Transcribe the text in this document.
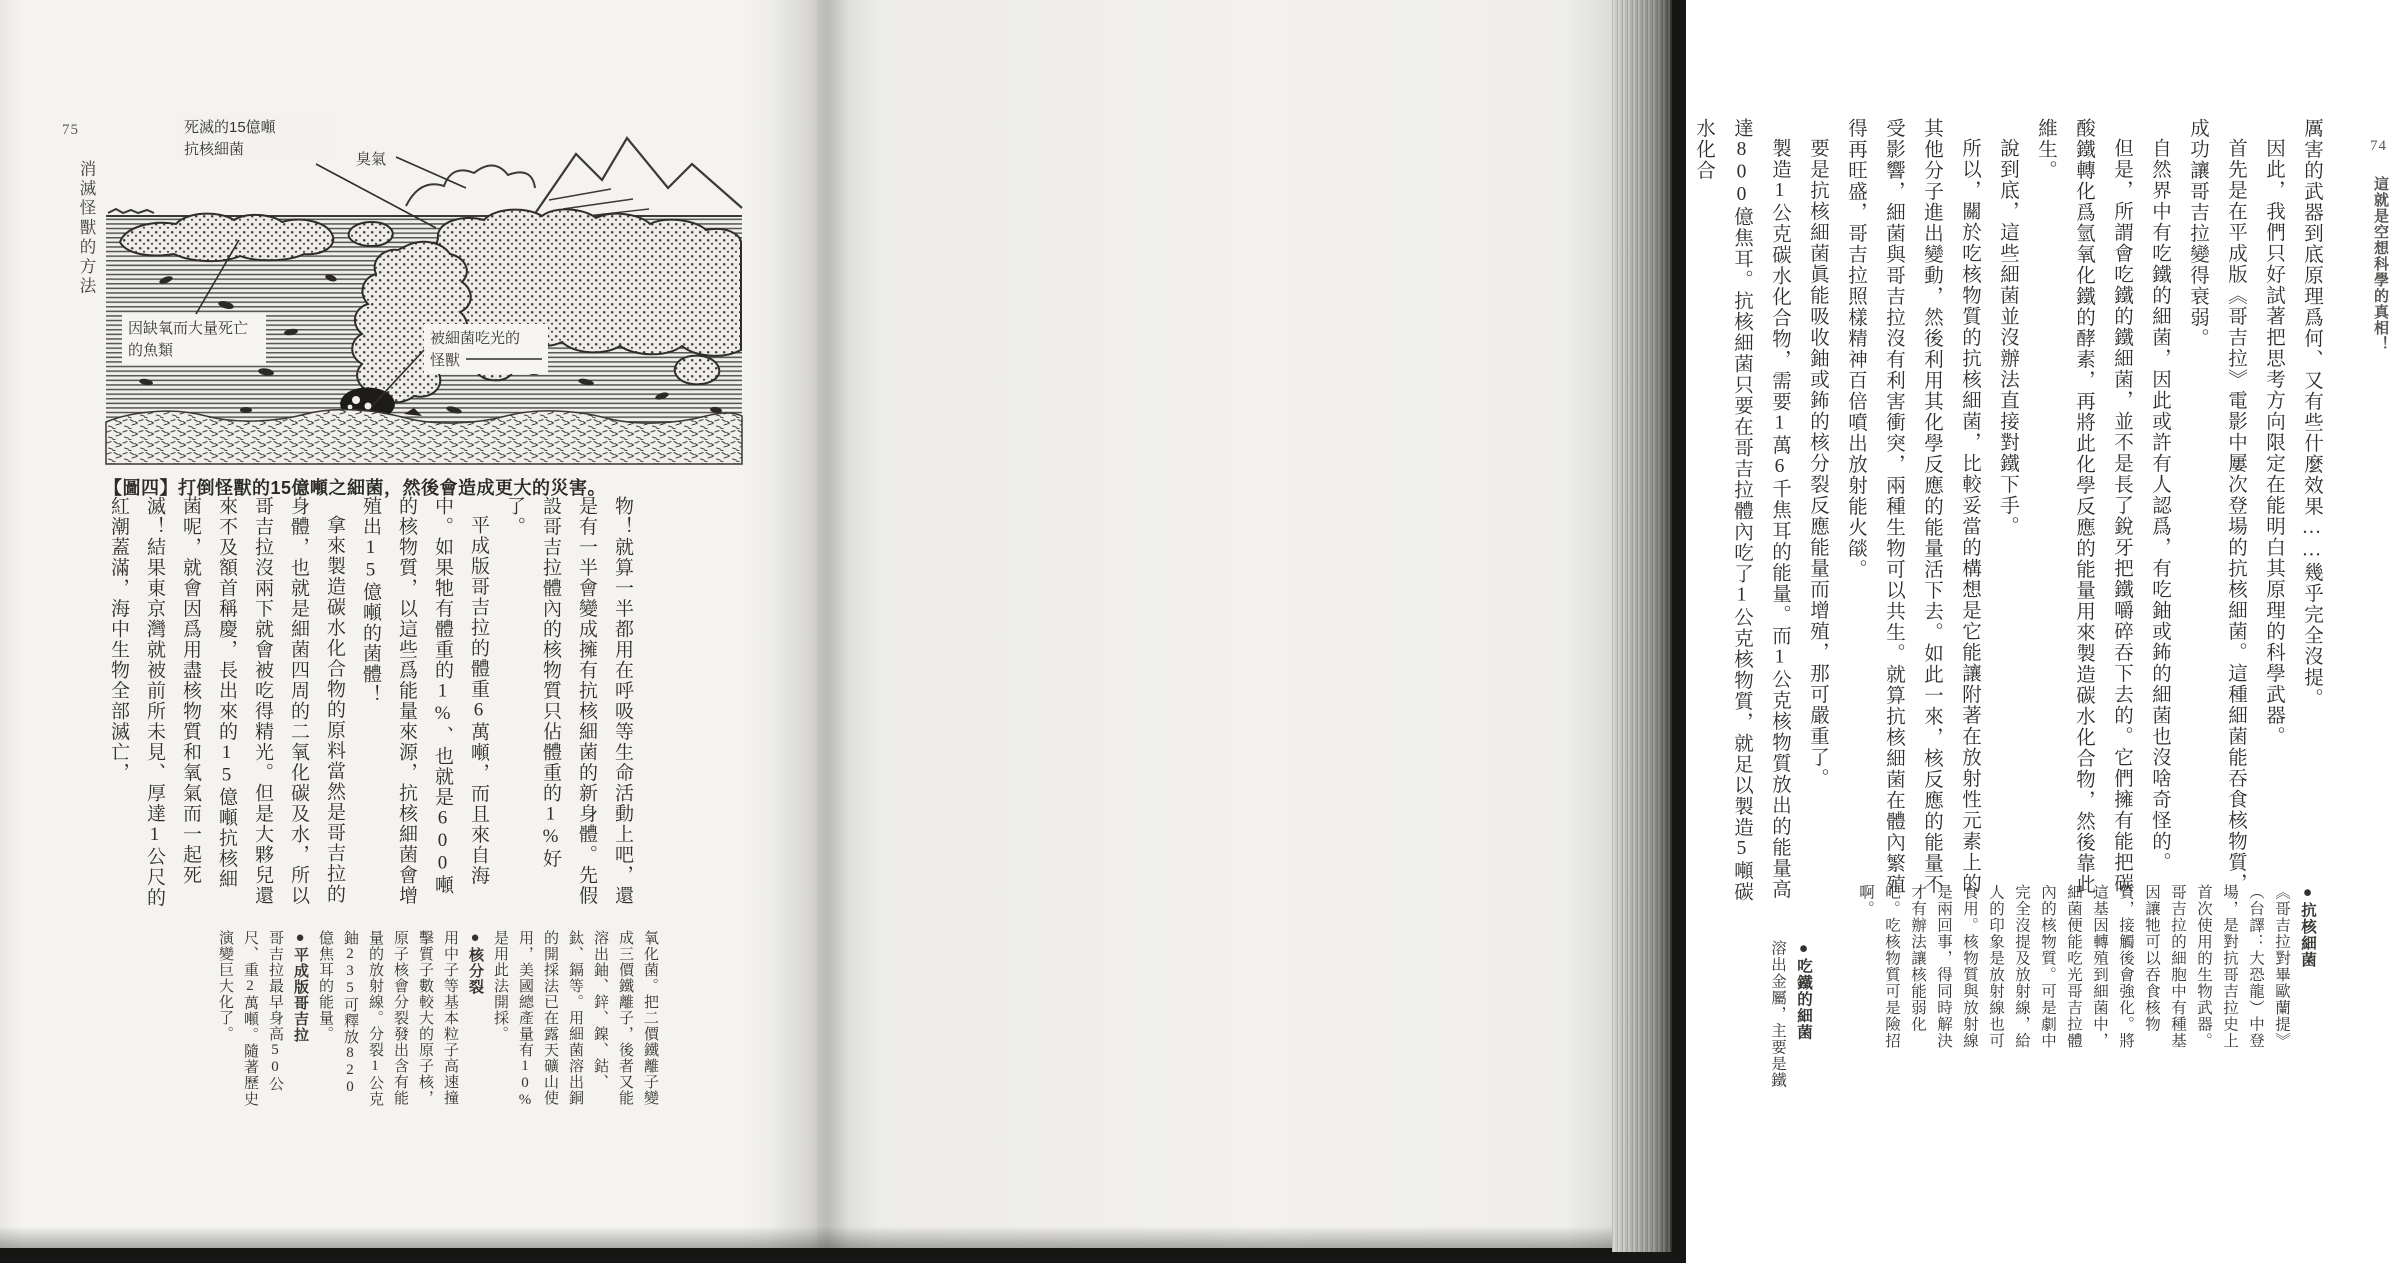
75
消滅怪獸的方法
死滅的15億噸
抗核細菌
臭氣
因缺氧而大量死亡
的魚類
被細菌吃光的
怪獸
【圖四】打倒怪獸的15億噸之細菌，然後會造成更大的災害。

物！就算一半都用在呼吸等生命活動上吧，還是有一半會變成擁有抗核細菌的新身體。先假設哥吉拉體內的核物質只佔體重的1%好了。

平成版哥吉拉的體重6萬噸，而且來自海中。如果牠有體重的1%、也就是600噸的核物質，以這些爲能量來源，抗核細菌會增殖出15億噸的菌體！

拿來製造碳水化合物的原料當然是哥吉拉的身體，也就是細菌四周的二氧化碳及水，所以哥吉拉沒兩下就會被吃得精光。但是大夥兒還來不及額首稱慶，長出來的15億噸抗核細菌呢，就會因爲用盡核物質和氧氣而一起死滅！結果東京灣就被前所未見、厚達1公尺的紅潮蓋滿，海中生物全部滅亡，

氧化菌。把二價鐵離子變成三價鐵離子，後者又能溶出鈾、鋅、鎳、鈷、鈦、鎘等。用細菌溶出銅的開採法已在露天礦山使用，美國總產量有10%是用此法開採。

●核分裂

用中子等基本粒子高速撞擊質子數較大的原子核，原子核會分裂發出含有能量的放射線。分裂1公克鈾235可釋放820億焦耳的能量。

●平成版哥吉拉

哥吉拉最早身高50公尺、重2萬噸。隨著歷史演變巨大化了。

74
這就是空想科學的真相！

厲害的武器到底原理爲何、又有些什麼效果……幾乎完全沒提。

因此，我們只好試著把思考方向限定在能明白其原理的科學武器。

首先是在平成版《哥吉拉》電影中屢次登場的抗核細菌。這種細菌能吞食核物質，成功讓哥吉拉變得衰弱。

自然界中有吃鐵的細菌，因此或許有人認爲，有吃鈾或鈽的細菌也沒啥奇怪的。

但是，所謂會吃鐵的鐵細菌，並不是長了銳牙把鐵嚼碎吞下去的。它們擁有能把碳酸鐵轉化爲氫氧化鐵的酵素，再將此化學反應的能量用來製造碳水化合物，然後靠此維生。

說到底，這些細菌並沒辦法直接對鐵下手。

所以，關於吃核物質的抗核細菌，比較妥當的構想是它能讓附著在放射性元素上的其他分子進出變動，然後利用其化學反應的能量活下去。如此一來，核反應的能量不受影響，細菌與哥吉拉沒有利害衝突，兩種生物可以共生。就算抗核細菌在體內繁殖得再旺盛，哥吉拉照樣精神百倍噴出放射能火燄。

要是抗核細菌眞能吸收鈾或鈽的核分裂反應能量而增殖，那可嚴重了。

製造1公克碳水化合物，需要1萬6千焦耳的能量。而1公克核物質放出的能量高達800億焦耳。抗核細菌只要在哥吉拉體內吃了1公克核物質，就足以製造5噸碳水化合

●抗核細菌

《哥吉拉對畢歐蘭提》（台譯：大恐龍）中登場，是對抗哥吉拉史上首次使用的生物武器。哥吉拉的細胞中有種基因讓牠可以吞食核物質，接觸後會強化。將這基因轉殖到細菌中，細菌便能吃光哥吉拉體內的核物質。可是劇中完全沒提及放射線，給人的印象是放射線也可食用。核物質與放射線是兩回事，得同時解決才有辦法讓核能弱化吧。吃核物質可是險招啊。

●吃鐵的細菌

溶出金屬，主要是鐵
